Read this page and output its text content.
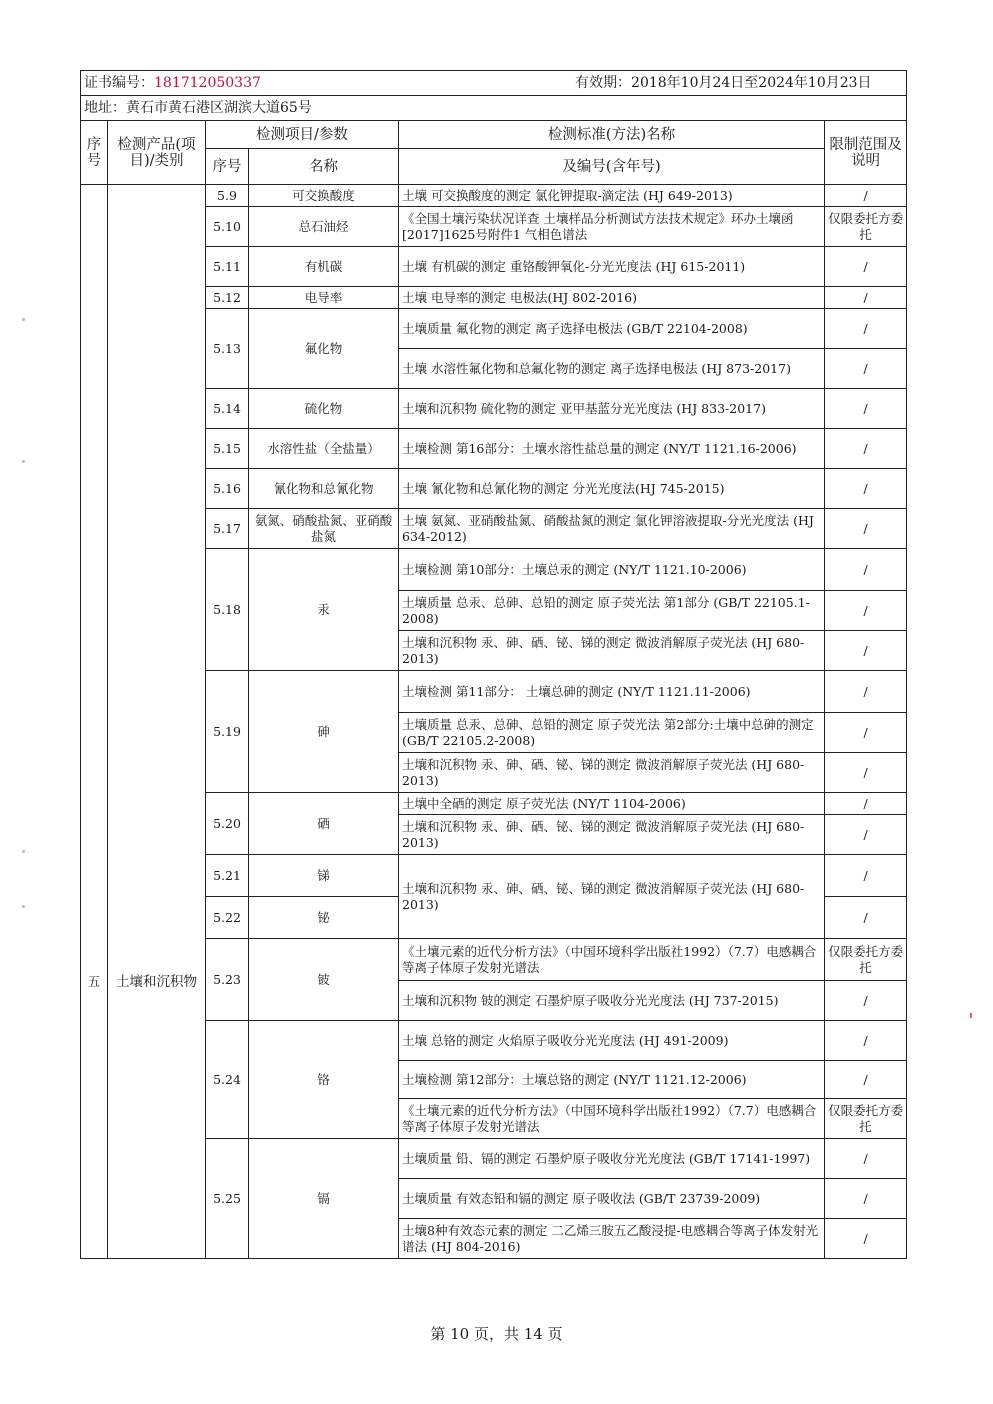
证书编号：181712050337 有效期：2018年10月24日至2024年10月23日					

地址：黄石市黄石港区湖滨大道65号					
序号	检测产品(项目)/类别	检测项目/参数		检测标准(方法)名称	限制范围及说明
		序号	名称	及编号(含年号)	
五	土壤和沉积物	5.9	可交换酸度	土壤 可交换酸度的测定 氯化钾提取-滴定法 (HJ 649-2013)	/
		5.10	总石油烃	《全国土壤污染状况详查 土壤样品分析测试方法技术规定》环办土壤函[2017]1625号附件1 气相色谱法	仅限委托方委托
		5.11	有机碳	土壤 有机碳的测定 重铬酸钾氧化-分光光度法 (HJ 615-2011)	/
		5.12	电导率	土壤 电导率的测定 电极法(HJ 802-2016)	/
		5.13	氟化物	土壤质量 氟化物的测定 离子选择电极法 (GB/T 22104-2008)	/
				土壤 水溶性氟化物和总氟化物的测定 离子选择电极法 (HJ 873-2017)	/
		5.14	硫化物	土壤和沉积物 硫化物的测定 亚甲基蓝分光光度法 (HJ 833-2017)	/
		5.15	水溶性盐（全盐量）	土壤检测 第16部分：土壤水溶性盐总量的测定 (NY/T 1121.16-2006)	/
		5.16	氰化物和总氰化物	土壤 氰化物和总氰化物的测定 分光光度法(HJ 745-2015)	/
		5.17	氨氮、硝酸盐氮、亚硝酸盐氮	土壤 氨氮、亚硝酸盐氮、硝酸盐氮的测定 氯化钾溶液提取-分光光度法 (HJ 634-2012)	/
		5.18	汞	土壤检测 第10部分：土壤总汞的测定 (NY/T 1121.10-2006)	/
				土壤质量 总汞、总砷、总铅的测定 原子荧光法 第1部分 (GB/T 22105.1-2008)	/
				土壤和沉积物 汞、砷、硒、铋、锑的测定 微波消解原子荧光法 (HJ 680-2013)	/
		5.19	砷	土壤检测 第11部分： 土壤总砷的测定 (NY/T 1121.11-2006)	/
				土壤质量 总汞、总砷、总铅的测定 原子荧光法 第2部分:土壤中总砷的测定 (GB/T 22105.2-2008)	/
				土壤和沉积物 汞、砷、硒、铋、锑的测定 微波消解原子荧光法 (HJ 680-2013)	/
		5.20	硒	土壤中全硒的测定 原子荧光法 (NY/T 1104-2006)	/
				土壤和沉积物 汞、砷、硒、铋、锑的测定 微波消解原子荧光法 (HJ 680-2013)	/
		5.21	锑	土壤和沉积物 汞、砷、硒、铋、锑的测定 微波消解原子荧光法 (HJ 680-2013)	/
		5.22	铋		/
		5.23	铍	《土壤元素的近代分析方法》（中国环境科学出版社1992）（7.7）电感耦合等离子体原子发射光谱法	仅限委托方委托
				土壤和沉积物 铍的测定 石墨炉原子吸收分光光度法 (HJ 737-2015)	/
		5.24	铬	土壤 总铬的测定 火焰原子吸收分光光度法 (HJ 491-2009)	/
				土壤检测 第12部分：土壤总铬的测定 (NY/T 1121.12-2006)	/
				《土壤元素的近代分析方法》（中国环境科学出版社1992）（7.7）电感耦合等离子体原子发射光谱法	仅限委托方委托
		5.25	镉	土壤质量 铅、镉的测定 石墨炉原子吸收分光光度法 (GB/T 17141-1997)	/
				土壤质量 有效态铅和镉的测定 原子吸收法 (GB/T 23739-2009)	/
				土壤8种有效态元素的测定 二乙烯三胺五乙酸浸提-电感耦合等离子体发射光谱法 (HJ 804-2016)	/
第 10 页，共 14 页
